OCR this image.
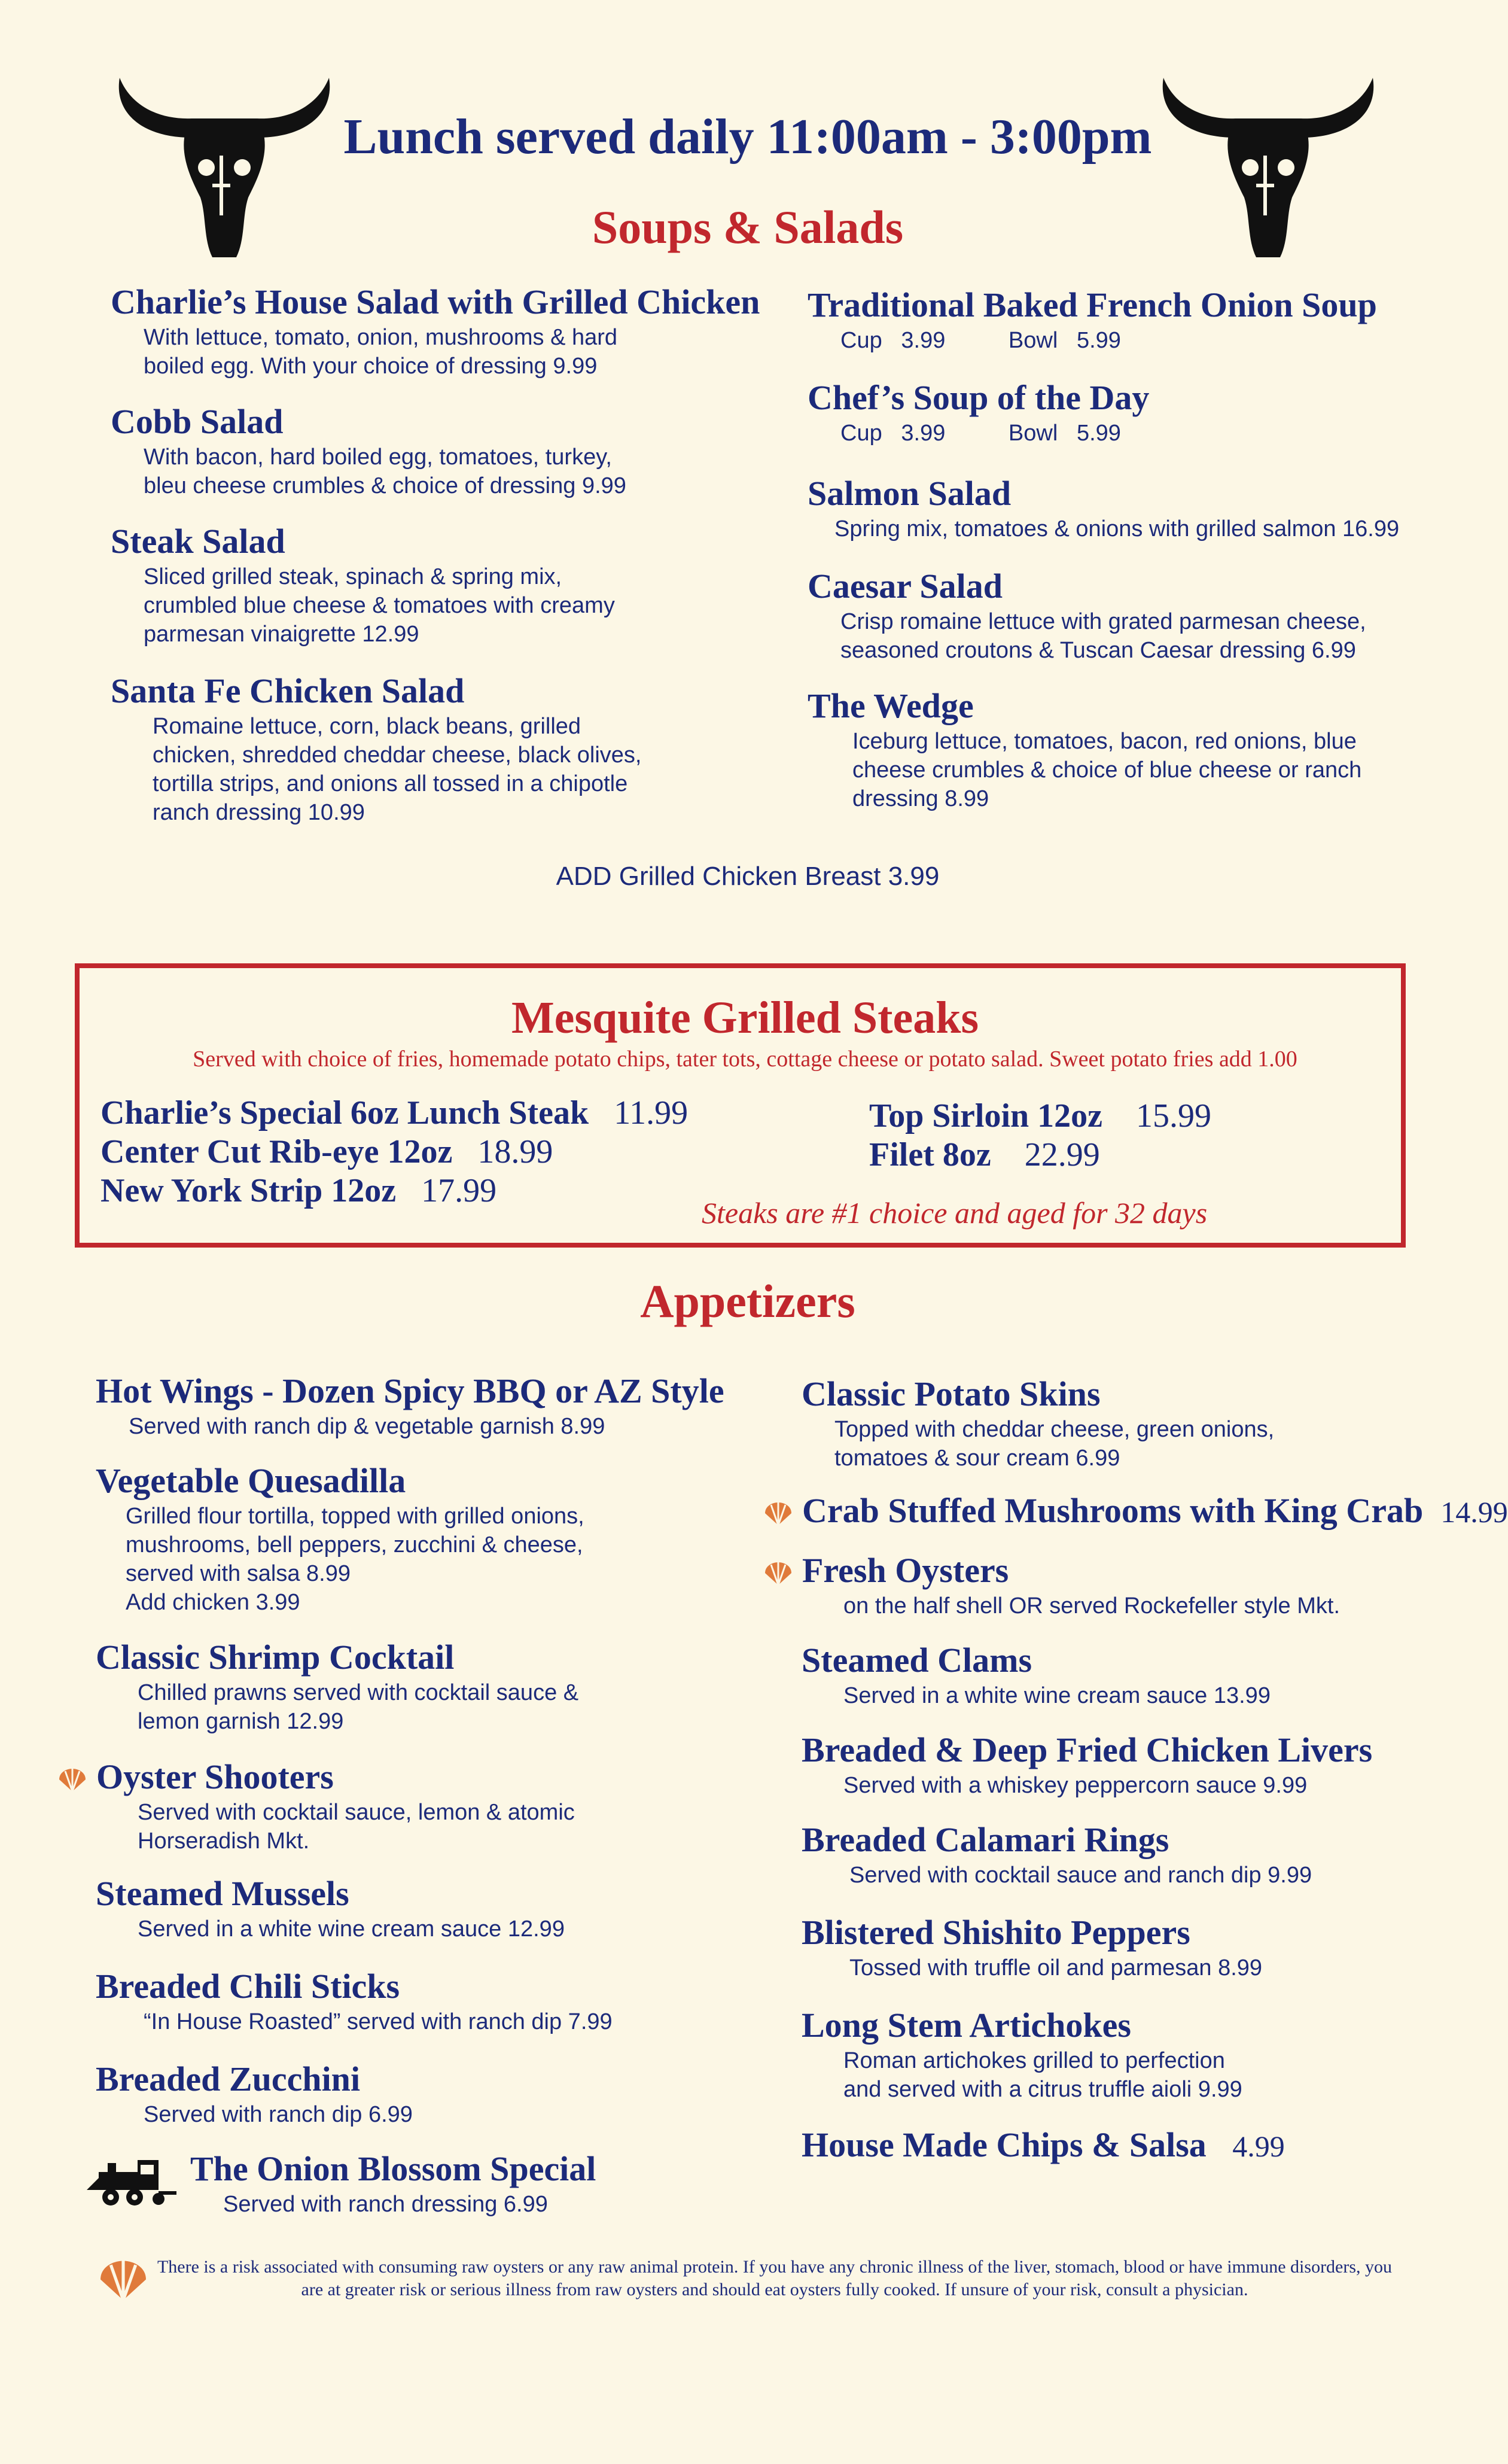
Lunch served daily 11:00am - 3:00pm
Soups & Salads
Charlie’s House Salad with Grilled Chicken
With lettuce, tomato, onion, mushrooms & hard
boiled egg. With your choice of dressing 9.99
Cobb Salad
With bacon, hard boiled egg, tomatoes, turkey,
bleu cheese crumbles & choice of dressing 9.99
Steak Salad
Sliced grilled steak, spinach & spring mix,
crumbled blue cheese & tomatoes with creamy
parmesan vinaigrette 12.99
Santa Fe Chicken Salad
Romaine lettuce, corn, black beans, grilled
chicken, shredded cheddar cheese, black olives,
tortilla strips, and onions all tossed in a chipotle
ranch dressing 10.99
Traditional Baked French Onion Soup
Cup   3.99          Bowl   5.99
Chef’s Soup of the Day
Cup   3.99          Bowl   5.99
Salmon Salad
Spring mix, tomatoes & onions with grilled salmon 16.99
Caesar Salad
Crisp romaine lettuce with grated parmesan cheese,
seasoned croutons & Tuscan Caesar dressing 6.99
The Wedge
Iceburg lettuce, tomatoes, bacon, red onions, blue
cheese crumbles & choice of blue cheese or ranch
dressing 8.99
ADD Grilled Chicken Breast 3.99
Mesquite Grilled Steaks
Served with choice of fries, homemade potato chips, tater tots, cottage cheese or potato salad. Sweet potato fries add 1.00
Charlie’s Special 6oz Lunch Steak 11.99
Center Cut Rib-eye 12oz 18.99
New York Strip 12oz 17.99
Top Sirloin 12oz 15.99
Filet 8oz 22.99
Steaks are #1 choice and aged for 32 days
Appetizers
Hot Wings - Dozen Spicy BBQ or AZ Style
Served with ranch dip & vegetable garnish 8.99
Vegetable Quesadilla
Grilled flour tortilla, topped with grilled onions,
mushrooms, bell peppers, zucchini & cheese,
served with salsa 8.99
Add chicken 3.99
Classic Shrimp Cocktail
Chilled prawns served with cocktail sauce &
lemon garnish 12.99
Oyster Shooters
Served with cocktail sauce, lemon & atomic
Horseradish Mkt.
Steamed Mussels
Served in a white wine cream sauce 12.99
Breaded Chili Sticks
“In House Roasted” served with ranch dip 7.99
Breaded Zucchini
Served with ranch dip 6.99
The Onion Blossom Special
Served with ranch dressing 6.99
Classic Potato Skins
Topped with cheddar cheese, green onions,
tomatoes & sour cream 6.99
Crab Stuffed Mushrooms with King Crab 14.99
Fresh Oysters
on the half shell OR served Rockefeller style Mkt.
Steamed Clams
Served in a white wine cream sauce 13.99
Breaded & Deep Fried Chicken Livers
Served with a whiskey peppercorn sauce 9.99
Breaded Calamari Rings
Served with cocktail sauce and ranch dip 9.99
Blistered Shishito Peppers
Tossed with truffle oil and parmesan 8.99
Long Stem Artichokes
Roman artichokes grilled to perfection
and served with a citrus truffle aioli 9.99
House Made Chips & Salsa 4.99
There is a risk associated with consuming raw oysters or any raw animal protein. If you have any chronic illness of the liver, stomach, blood or have immune disorders, you are at greater risk or serious illness from raw oysters and should eat oysters fully cooked. If unsure of your risk, consult a physician.
